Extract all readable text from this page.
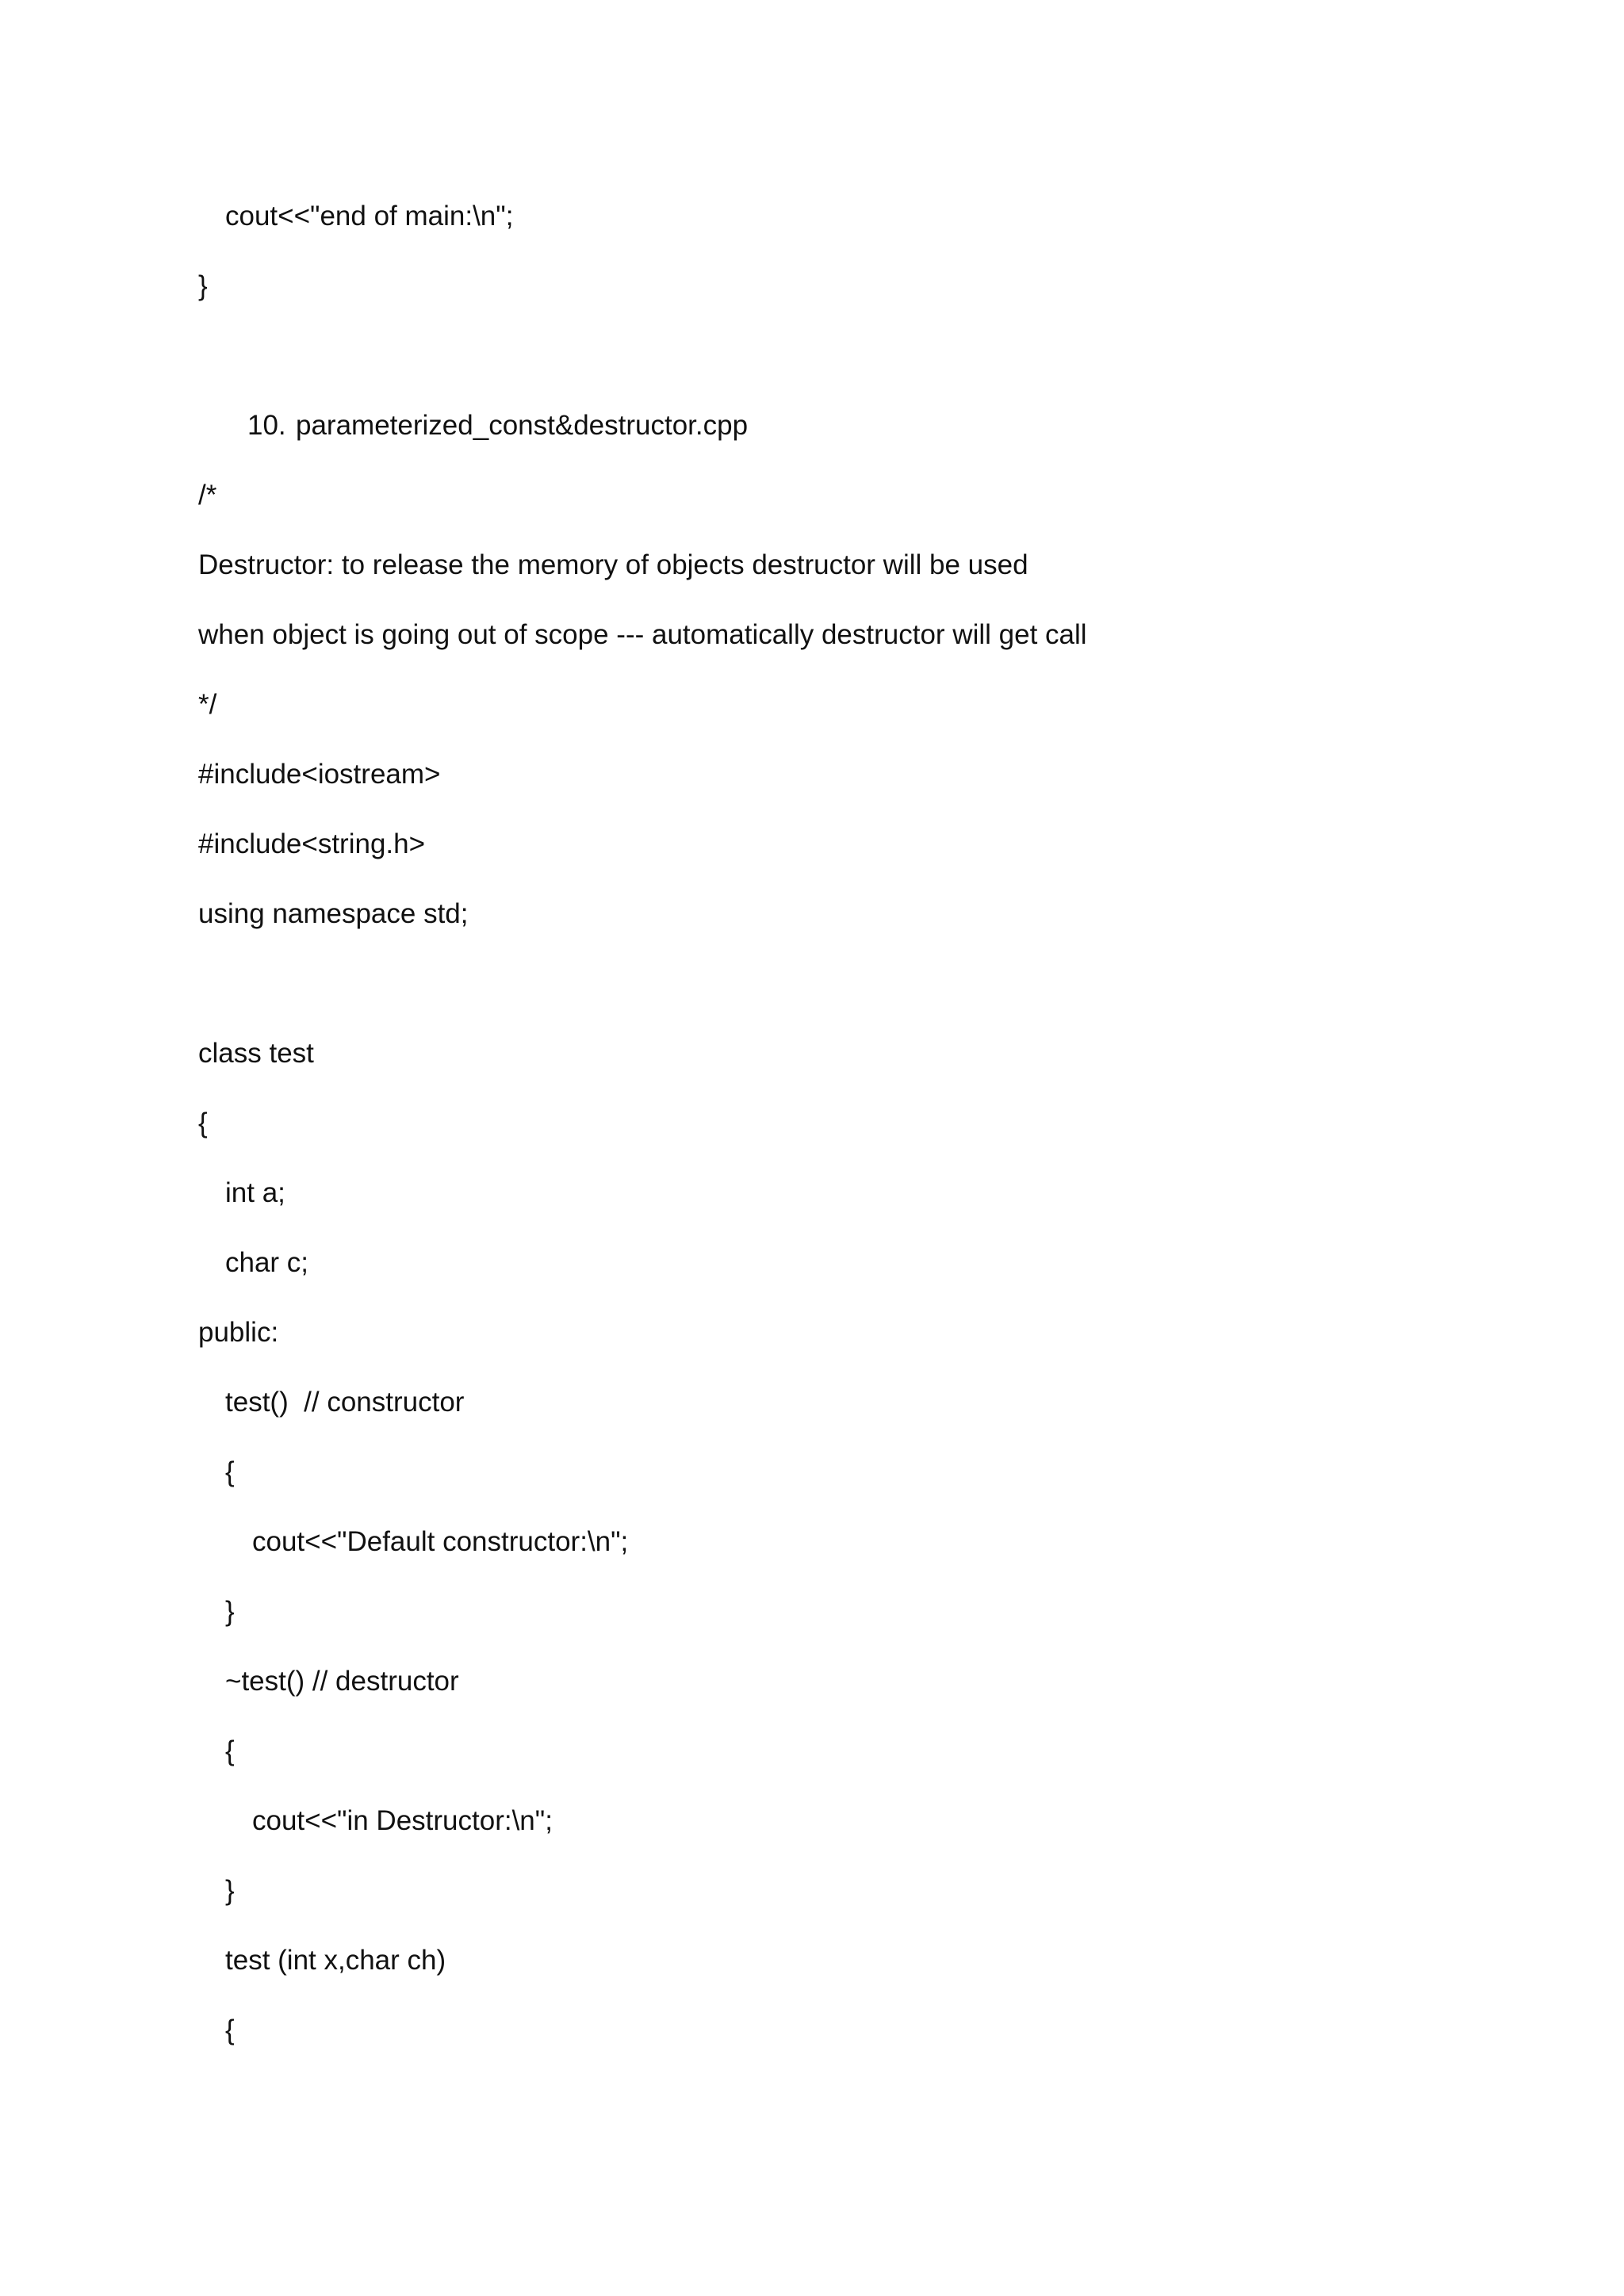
cout<<"end of main:\n";
}
10. parameterized_const&destructor.cpp
/*
Destructor: to release the memory of objects destructor will be used
when object is going out of scope --- automatically destructor will get call
*/
#include<iostream>
#include<string.h>
using namespace std;
class test
{
int a;
char c;
public:
test()  // constructor
{
cout<<"Default constructor:\n";
}
~test() // destructor
{
cout<<"in Destructor:\n";
}
test (int x,char ch)
{
